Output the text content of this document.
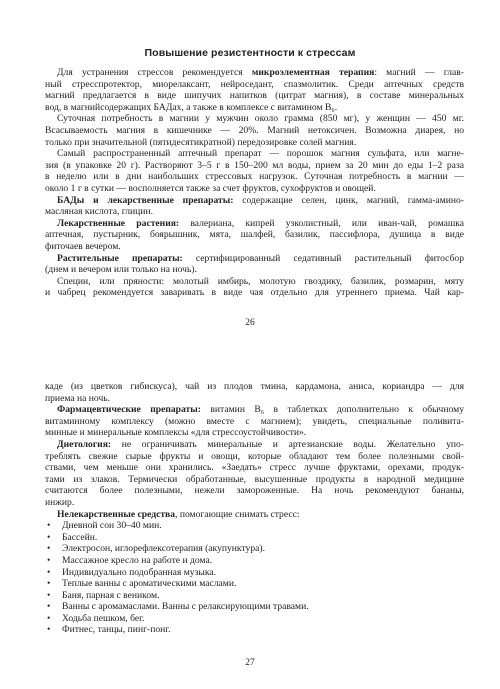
Повышение резистентности к стрессам
Для устранения стрессов рекомендуется микроэлементная терапия: магний — глав-
ный стресспротектор, миорелаксант, нейроседант, спазмолитик. Среди аптечных средств
магний предлагается в виде шипучих напитков (цитрат магния), в составе минеральных
вод, в магнийсодержащих БАДах, а также в комплексе с витамином B₆.
Суточная потребность в магнии у мужчин около грамма (850 мг), у женщин — 450 мг.
Всасываемость магния в кишечнике — 20%. Магний нетоксичен. Возможна диарея, но
только при значительной (пятидесятикратной) передозировке солей магния.
Самый распространенный аптечный препарат — порошок магния сульфата, или магне-
зия (в упаковке 20 г). Растворяют 3–5 г в 150–200 мл воды, прием за 20 мин до еды 1–2 раза
в неделю или в дни наибольших стрессовых нагрузок. Суточная потребность в магнии —
около 1 г в сутки — восполняется также за счет фруктов, сухофруктов и овощей.
БАДы и лекарственные препараты: содержащие селен, цинк, магний, гамма-амино-
масляная кислота, глицин.
Лекарственные растения: валериана, кипрей узколистный, или иван-чай, ромашка
аптечная, пустырник, боярышник, мята, шалфей, базилик, пассифлора, душица в виде
фиточаев вечером.
Растительные препараты: сертифицированный седативный растительный фитосбор
(днем и вечером или только на ночь).
Специи, или пряности: молотый имбирь, молотую гвоздику, базилик, розмарин, мяту
и чабрец рекомендуется заваривать в виде чая отдельно для утреннего приема. Чай кар-
26
каде (из цветков гибискуса), чай из плодов тмина, кардамона, аниса, кориандра — для
приема на ночь.
Фармацевтические препараты: витамин B₆ в таблетках дополнительно к обычному
витаминному комплексу (можно вместе с магнием); увидеть, специальные поливита-
минные и минеральные комплексы «для стрессоустойчивости».
Диетология: не ограничивать минеральные и артезианские воды. Желательно упо-
треблять свежие сырые фрукты и овощи, которые обладают тем более полезными свой-
ствами, чем меньше они хранились. «Заедать» стресс лучше фруктами, орехами, продук-
тами из злаков. Термически обработанные, высушенные продукты в народной медицине
считаются более полезными, нежели замороженные. На ночь рекомендуют бананы,
инжир.
Нелекарственные средства, помогающие снимать стресс:
• Дневной сон 30–40 мин.
• Бассейн.
• Электросон, иглорефлексотерапия (акупунктура).
• Массажное кресло на работе и дома.
• Индивидуально подобранная музыка.
• Теплые ванны с ароматическими маслами.
• Баня, парная с веником.
• Ванны с аромамаслами. Ванны с релаксирующими травами.
• Ходьба пешком, бег.
• Фитнес, танцы, пинг-понг.
27
